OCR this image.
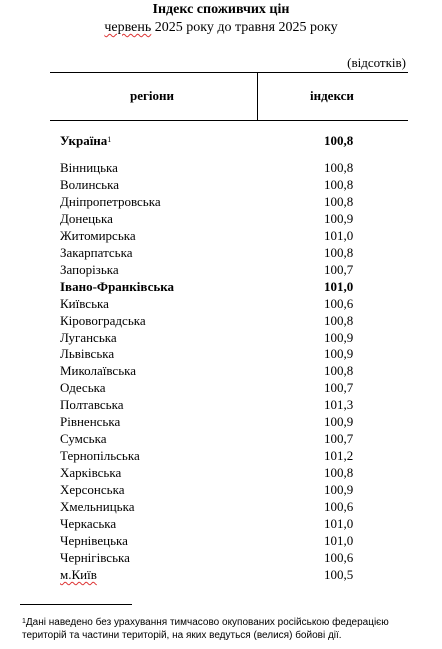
Індекс споживчих цін
червень 2025 року до травня 2025 року
(відсотків)
регіони	індекси
Україна$^1$	100,8
Вінницька	100,8
Волинська	100,8
Дніпропетровська	100,8
Донецька	100,9
Житомирська	101,0
Закарпатська	100,8
Запорізька	100,7
Івано-Франківська	101,0
Київська	100,6
Кіровоградська	100,8
Луганська	100,9
Львівська	100,9
Миколаївська	100,8
Одеська	100,7
Полтавська	101,3
Рівненська	100,9
Сумська	100,7
Тернопільська	101,2
Харківська	100,8
Херсонська	100,9
Хмельницька	100,6
Черкаська	101,0
Чернівецька	101,0
Чернігівська	100,6
м.Київ	100,5
$^1$Дані наведено без урахування тимчасово окупованих російською федерацією територій та частини територій, на яких ведуться (велися) бойові дії.
